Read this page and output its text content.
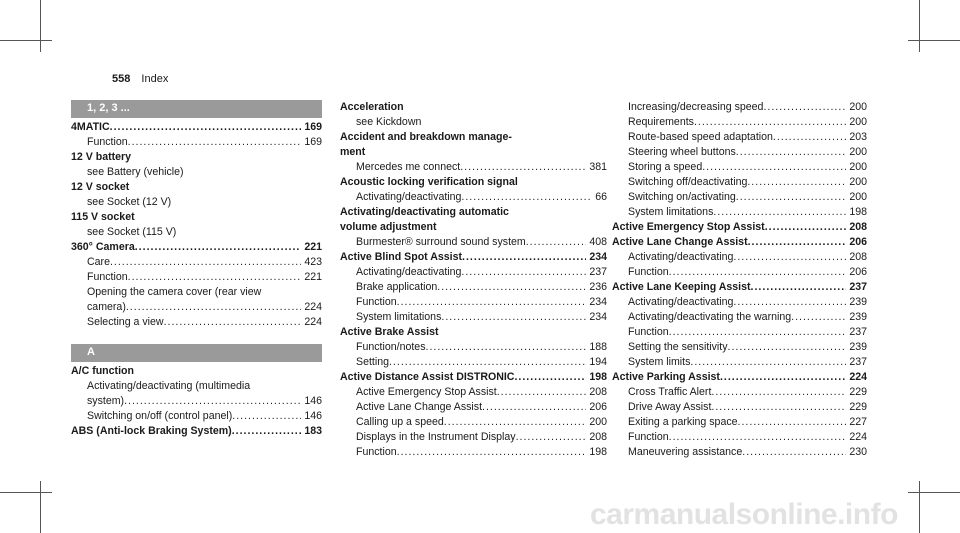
558 Index
1, 2, 3 ...
4MATIC .....	169
Function .....	169
12 V battery
see Battery (vehicle)
12 V socket
see Socket (12 V)
115 V socket
see Socket (115 V)
360° Camera .....	221
Care .....	423
Function .....	221
Opening the camera cover (rear view
camera) .....	224
Selecting a view .....	224
A
A/C function
Activating/deactivating (multimedia
system) .....	146
Switching on/off (control panel) .....	146
ABS (Anti-lock Braking System) .....	183
Acceleration
see Kickdown
Accident and breakdown manage-
ment
Mercedes me connect .....	381
Acoustic locking verification signal
Activating/deactivating .....	66
Activating/deactivating automatic
volume adjustment
Burmester® surround sound system .....	408
Active Blind Spot Assist .....	234
Activating/deactivating .....	237
Brake application .....	236
Function .....	234
System limitations .....	234
Active Brake Assist
Function/notes .....	188
Setting .....	194
Active Distance Assist DISTRONIC .....	198
Active Emergency Stop Assist .....	208
Active Lane Change Assist .....	206
Calling up a speed .....	200
Displays in the Instrument Display .....	208
Function .....	198
Increasing/decreasing speed .....	200
Requirements .....	200
Route-based speed adaptation .....	203
Steering wheel buttons .....	200
Storing a speed .....	200
Switching off/deactivating .....	200
Switching on/activating .....	200
System limitations .....	198
Active Emergency Stop Assist .....	208
Active Lane Change Assist .....	206
Activating/deactivating .....	208
Function .....	206
Active Lane Keeping Assist .....	237
Activating/deactivating .....	239
Activating/deactivating the warning .....	239
Function .....	237
Setting the sensitivity .....	239
System limits .....	237
Active Parking Assist .....	224
Cross Traffic Alert .....	229
Drive Away Assist .....	229
Exiting a parking space .....	227
Function .....	224
Maneuvering assistance .....	230
carmanualsonline.info
